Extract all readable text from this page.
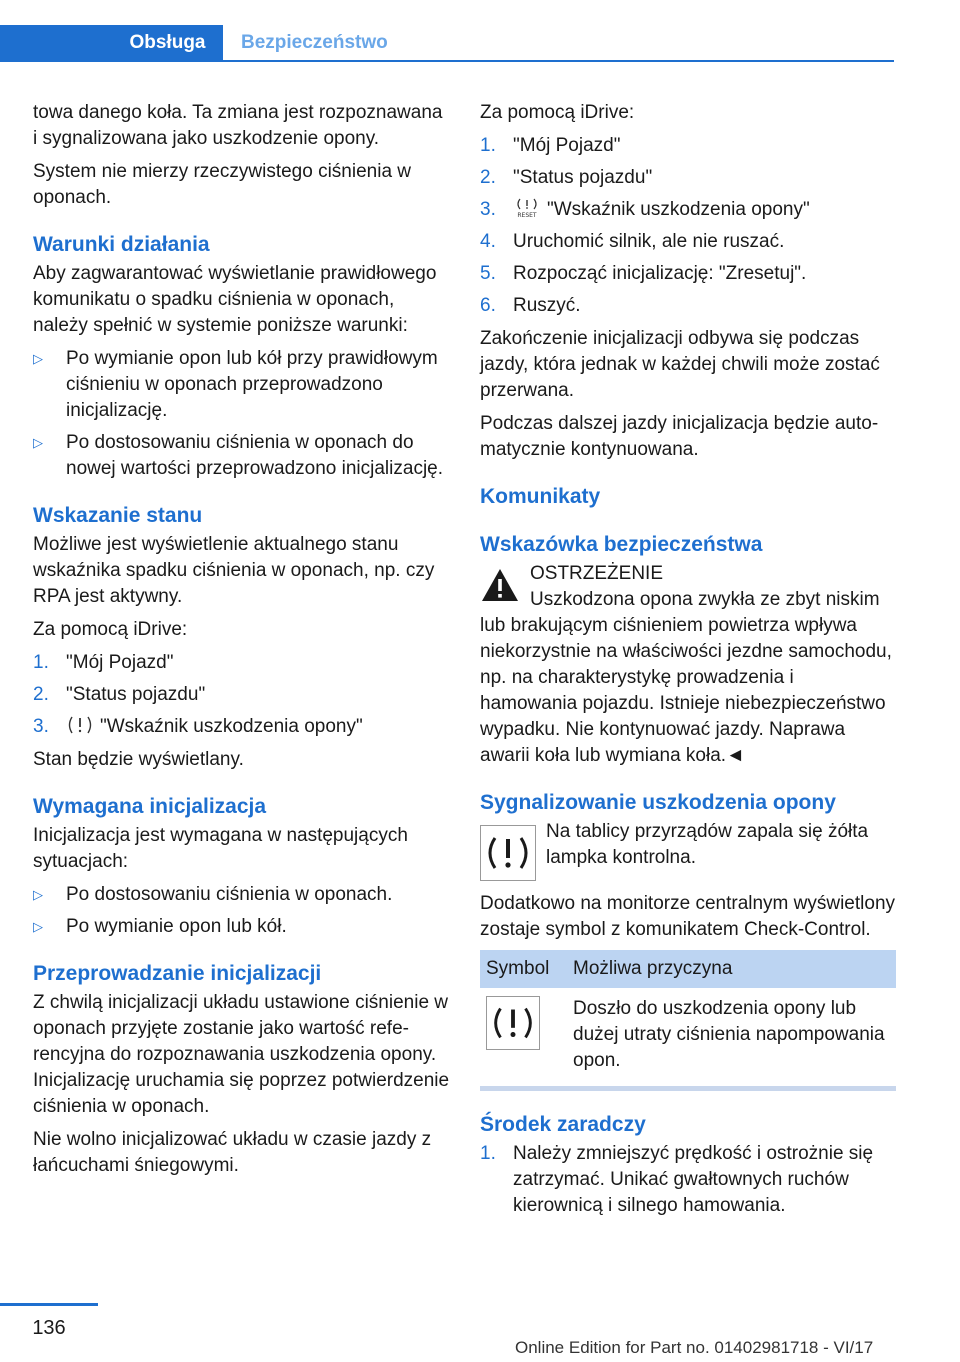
Obsługa	Bezpieczeństwo

towa danego koła. Ta zmiana jest rozpoznawana i sygnalizowana jako uszkodzenie opony.

System nie mierzy rzeczywistego ciśnienia w oponach.

Warunki działania

Aby zagwarantować wyświetlanie prawidłowego komunikatu o spadku ciśnienia w oponach, należy spełnić w systemie poniższe warunki:

▷	Po wymianie opon lub kół przy prawidłowym ciśnieniu w oponach przeprowadzono inicjalizację.
▷	Po dostosowaniu ciśnienia w oponach do nowej wartości przeprowadzono inicjalizację.
Wskazanie stanu

Możliwe jest wyświetlenie aktualnego stanu wskaźnika spadku ciśnienia w oponach, np. czy RPA jest aktywny.

Za pomocą iDrive:

1. "Mój Pojazd"
2. "Status pojazdu"
3.	"Wskaźnik uszkodzenia opony"

Stan będzie wyświetlany.

Wymagana inicjalizacja

Inicjalizacja jest wymagana w następujących sytuacjach:

▷	Po dostosowaniu ciśnienia w oponach.
▷	Po wymianie opon lub kół.
Przeprowadzanie inicjalizacji

Z chwilą inicjalizacji układu ustawione ciśnienie w oponach przyjęte zostanie jako wartość referencyjna do rozpoznawania uszkodzenia opony. Inicjalizację uruchamia się poprzez potwierdzenie ciśnienia w oponach.

Nie wolno inicjalizować układu w czasie jazdy z łańcuchami śniegowymi.

Za pomocą iDrive:

1. "Mój Pojazd"
2. "Status pojazdu"
3.	RESET "Wskaźnik uszkodzenia opony"
4. Uruchomić silnik, ale nie ruszać.
5. Rozpocząć inicjalizację: "Zresetuj".
6. Ruszyć.

Zakończenie inicjalizacji odbywa się podczas jazdy, która jednak w każdej chwili może zostać przerwana.

Podczas dalszej jazdy inicjalizacja będzie automatycznie kontynuowana.

Komunikaty
Wskazówka bezpieczeństwa
OSTRZEŻENIE
Uszkodzona opona zwykła ze zbyt niskim
lub brakującym ciśnieniem powietrza wpływa niekorzystnie na właściwości jezdne samochodu, np. na charakterystykę prowadzenia i hamowania pojazdu. Istnieje niebezpieczeństwo wypadku. Nie kontynuować jazdy. Naprawa awarii koła lub wymiana koła.◄
Sygnalizowanie uszkodzenia opony

Na tablicy przyrządów zapala się żółta lampka kontrolna.

Dodatkowo na monitorze centralnym wyświetlony zostaje symbol z komunikatem Check-Control.

Symbol	Możliwa przyczyna

	Doszło do uszkodzenia opony lub dużej utraty ciśnienia napompowania opon.
Środek zaradczy
1. Należy zmniejszyć prędkość i ostrożnie się zatrzymać. Unikać gwałtownych ruchów kierownicą i silnego hamowania.
136
Online Edition for Part no. 01402981718 - VI/17
